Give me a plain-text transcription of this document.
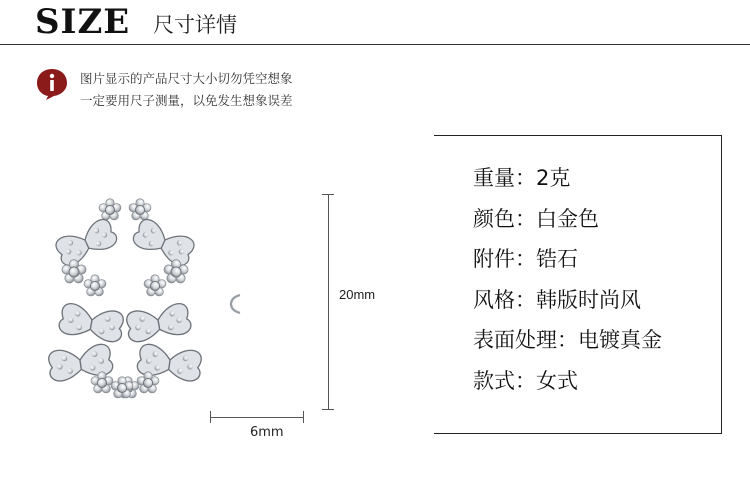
SIZE 尺寸详情
图片显示的产品尺寸大小切勿凭空想象
一定要用尺子测量，以免发生想象误差
20mm
6mm
重量：2克
颜色：白金色
附件：锆石
风格：韩版时尚风
表面处理：电镀真金
款式：女式
